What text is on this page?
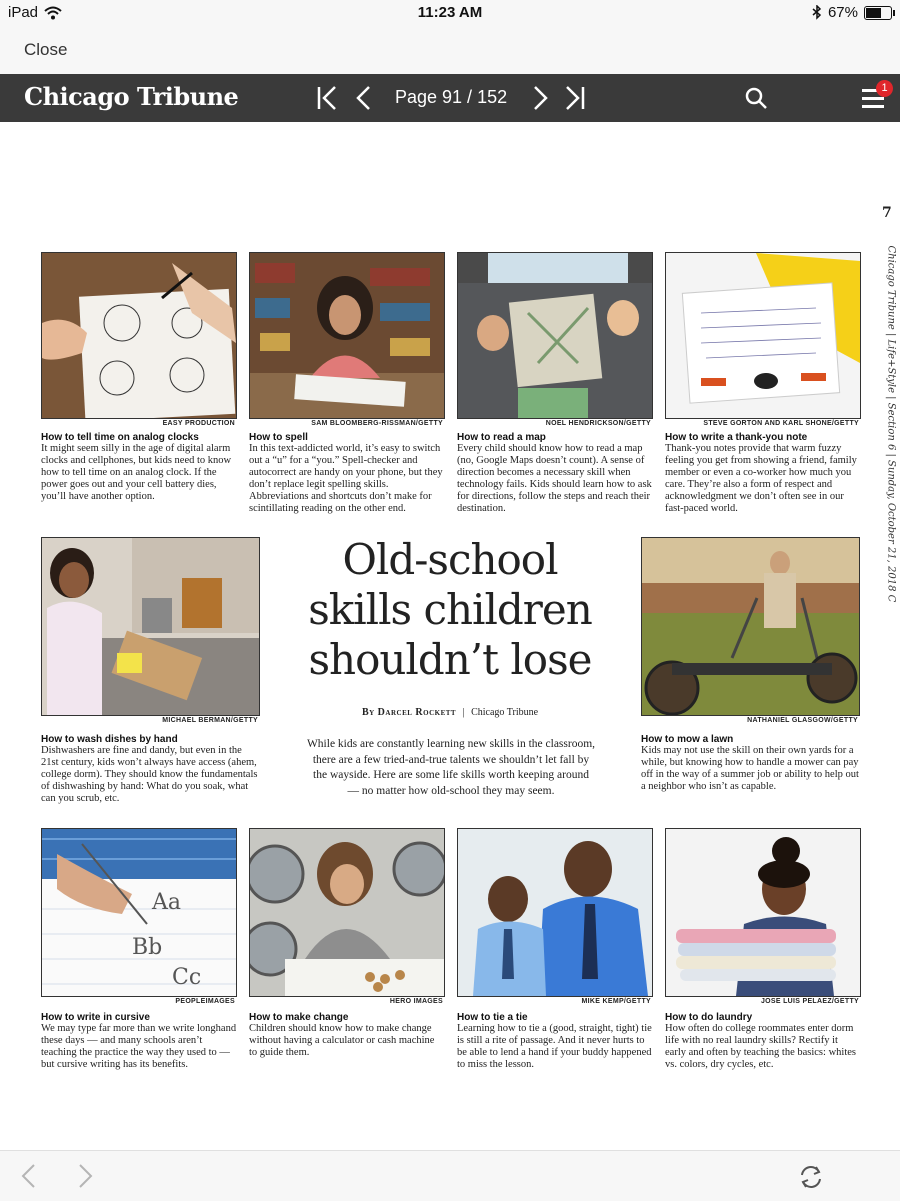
iPad	11:23 AM	67%
Close
Chicago Tribune	Page 91 / 152	1
7
Chicago Tribune | Life+Style | Section 6 | Sunday, October 21, 2018 C
EASY PRODUCTION
How to tell time on analog clocks
It might seem silly in the age of digital alarm clocks and cellphones, but kids need to know how to tell time on an analog clock. If the power goes out and your cell battery dies, you’ll have another option.
SAM BLOOMBERG-RISSMAN/GETTY
How to spell
In this text-addicted world, it’s easy to switch out a “u” for a “you.” Spell-checker and autocorrect are handy on your phone, but they don’t replace legit spelling skills. Abbreviations and shortcuts don’t make for scintillating reading on the other end.
NOEL HENDRICKSON/GETTY
How to read a map
Every child should know how to read a map (no, Google Maps doesn’t count). A sense of direction becomes a necessary skill when technology fails. Kids should learn how to ask for directions, follow the steps and reach their destination.
STEVE GORTON AND KARL SHONE/GETTY
How to write a thank-you note
Thank-you notes provide that warm fuzzy feeling you get from showing a friend, family member or even a co-worker how much you care. They’re also a form of respect and acknowledgment we don’t often see in our fast-paced world.
MICHAEL BERMAN/GETTY
How to wash dishes by hand
Dishwashers are fine and dandy, but even in the 21st century, kids won’t always have access (ahem, college dorm). They should know the fundamentals of dishwashing by hand: What do you soak, what can you scrub, etc.
Old-school skills children shouldn’t lose
By Darcel Rockett | Chicago Tribune
While kids are constantly learning new skills in the classroom, there are a few tried-and-true talents we shouldn’t let fall by the wayside. Here are some life skills worth keeping around — no matter how old-school they may seem.
NATHANIEL GLASGOW/GETTY
How to mow a lawn
Kids may not use the skill on their own yards for a while, but knowing how to handle a mower can pay off in the way of a summer job or ability to help out a neighbor who isn’t as capable.
Aa
Bb
Cc
PEOPLEIMAGES
How to write in cursive
We may type far more than we write longhand these days — and many schools aren’t teaching the practice the way they used to — but cursive writing has its benefits.
HERO IMAGES
How to make change
Children should know how to make change without having a calculator or cash machine to guide them.
MIKE KEMP/GETTY
How to tie a tie
Learning how to tie a (good, straight, tight) tie is still a rite of passage. And it never hurts to be able to lend a hand if your buddy happened to miss the lesson.
JOSE LUIS PELAEZ/GETTY
How to do laundry
How often do college roommates enter dorm life with no real laundry skills? Rectify it early and often by teaching the basics: whites vs. colors, dry cycles, etc.
